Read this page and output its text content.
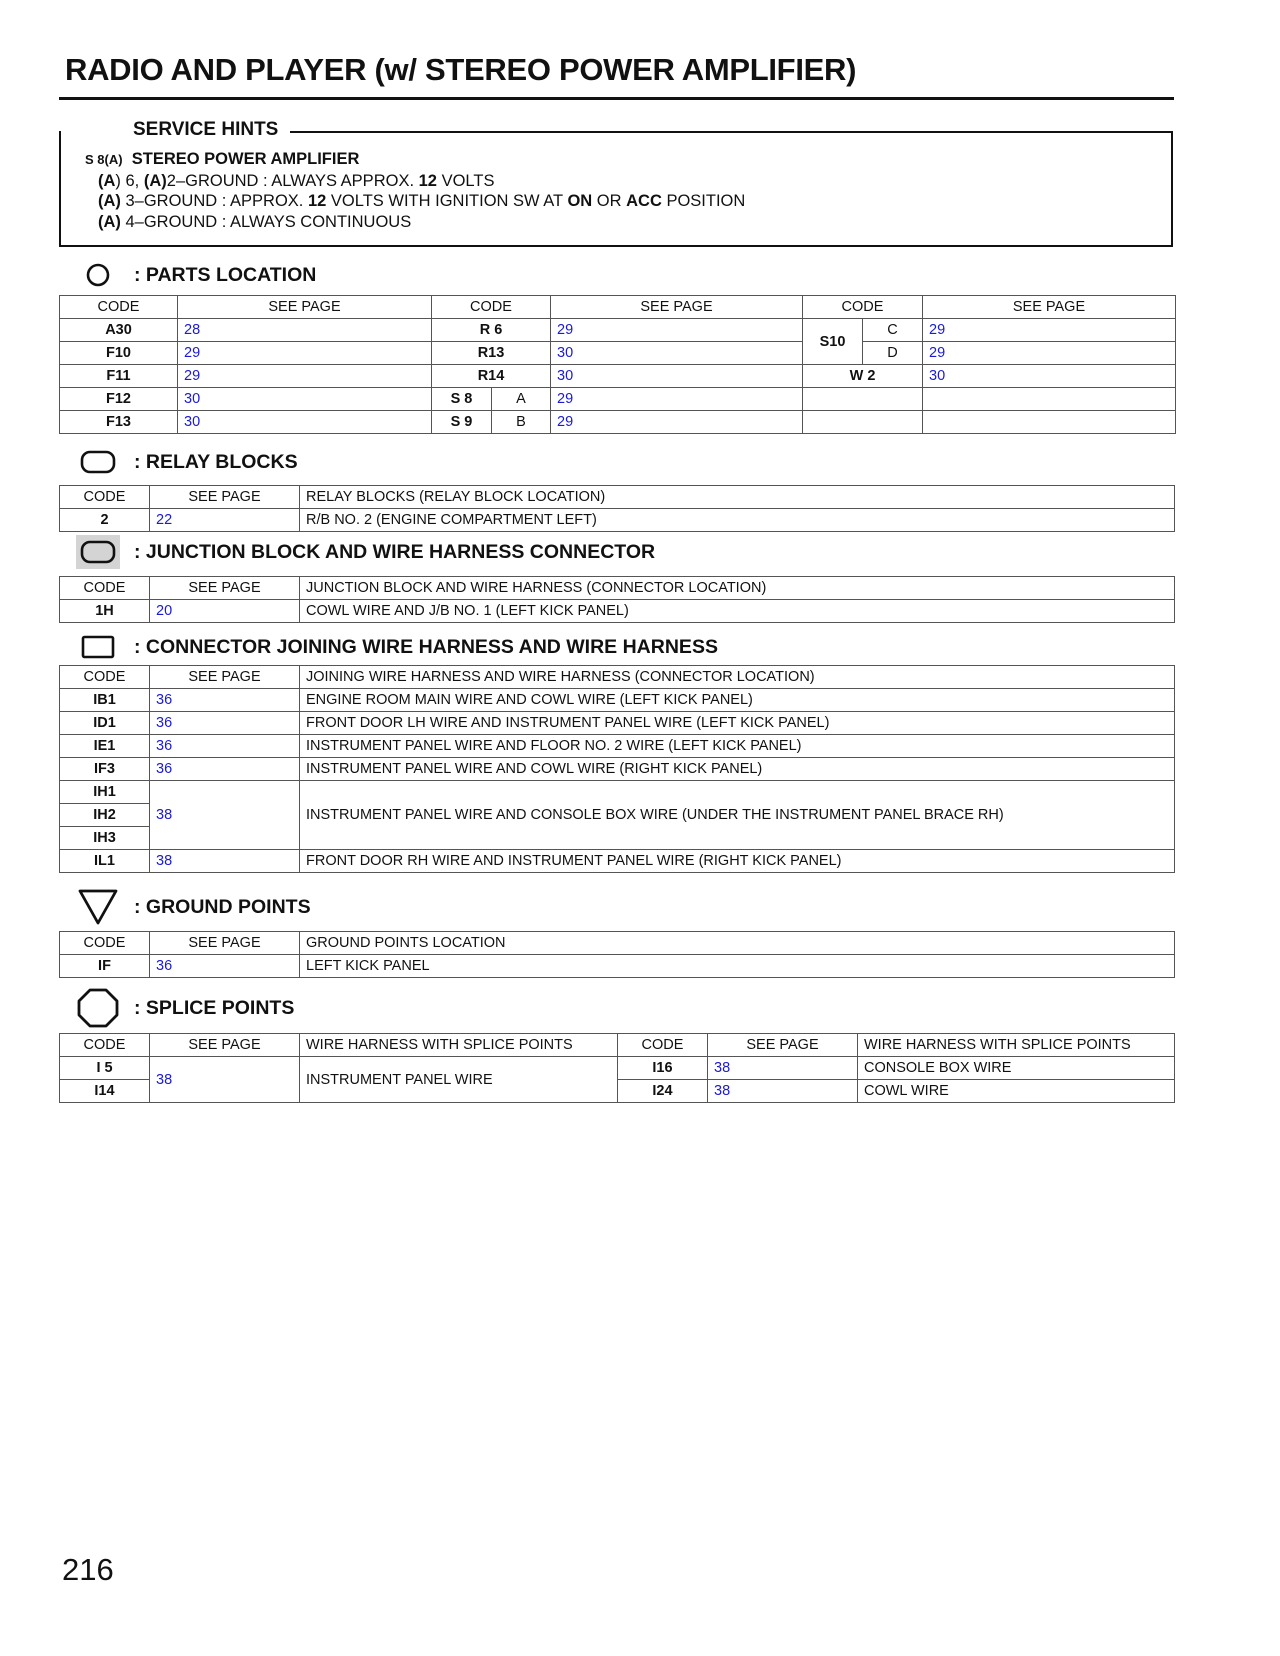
RADIO AND PLAYER (w/ STEREO POWER AMPLIFIER)
SERVICE HINTS
S 8(A) STEREO POWER AMPLIFIER
(A) 6, (A)2–GROUND : ALWAYS APPROX. 12 VOLTS
(A) 3–GROUND : APPROX. 12 VOLTS WITH IGNITION SW AT ON OR ACC POSITION
(A) 4–GROUND : ALWAYS CONTINUOUS
: PARTS LOCATION
CODE	SEE PAGE	CODE		SEE PAGE	CODE		SEE PAGE
A30	28	R 6		29	S10	C	29
F10	29	R13		30		D	29
F11	29	R14		30	W 2		30
F12	30	S 8	A	29			
F13	30	S 9	B	29			
: RELAY BLOCKS
CODE	SEE PAGE	RELAY BLOCKS (RELAY BLOCK LOCATION)
2	22	R/B NO. 2 (ENGINE COMPARTMENT LEFT)
: JUNCTION BLOCK AND WIRE HARNESS CONNECTOR
CODE	SEE PAGE	JUNCTION BLOCK AND WIRE HARNESS (CONNECTOR LOCATION)
1H	20	COWL WIRE AND J/B NO. 1 (LEFT KICK PANEL)
: CONNECTOR JOINING WIRE HARNESS AND WIRE HARNESS
CODE	SEE PAGE	JOINING WIRE HARNESS AND WIRE HARNESS (CONNECTOR LOCATION)
IB1	36	ENGINE ROOM MAIN WIRE AND COWL WIRE (LEFT KICK PANEL)
ID1	36	FRONT DOOR LH WIRE AND INSTRUMENT PANEL WIRE (LEFT KICK PANEL)
IE1	36	INSTRUMENT PANEL WIRE AND FLOOR NO. 2 WIRE (LEFT KICK PANEL)
IF3	36	INSTRUMENT PANEL WIRE AND COWL WIRE (RIGHT KICK PANEL)
IH1	38	INSTRUMENT PANEL WIRE AND CONSOLE BOX WIRE (UNDER THE INSTRUMENT PANEL BRACE RH)
IH2		
IH3		
IL1	38	FRONT DOOR RH WIRE AND INSTRUMENT PANEL WIRE (RIGHT KICK PANEL)
: GROUND POINTS
CODE	SEE PAGE	GROUND POINTS LOCATION
IF	36	LEFT KICK PANEL
: SPLICE POINTS
CODE	SEE PAGE	WIRE HARNESS WITH SPLICE POINTS	CODE	SEE PAGE	WIRE HARNESS WITH SPLICE POINTS
I 5	38	INSTRUMENT PANEL WIRE	I16	38	CONSOLE BOX WIRE
I14			I24	38	COWL WIRE
216
